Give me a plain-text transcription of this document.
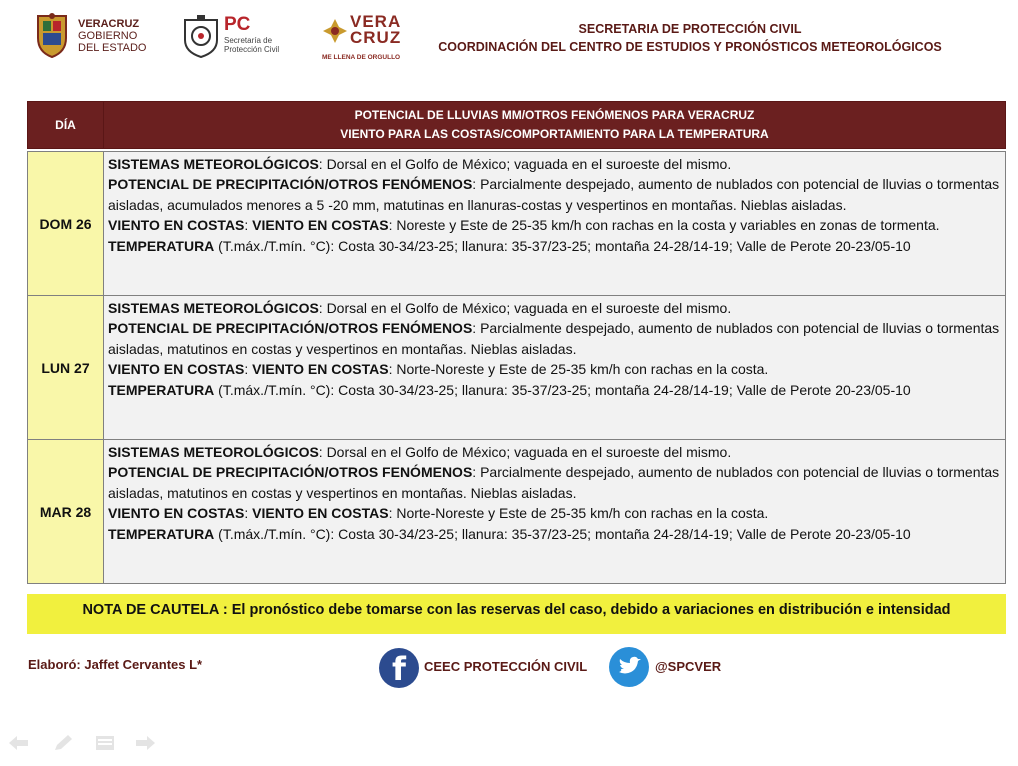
VERACRUZ
GOBIERNO
DEL ESTADO
PC
Secretaría de
Protección Civil
VERA
CRUZ
ME LLENA DE ORGULLO
SECRETARIA DE PROTECCIÓN CIVIL
COORDINACIÓN DEL CENTRO DE ESTUDIOS Y PRONÓSTICOS METEOROLÓGICOS
DÍA	POTENCIAL DE LLUVIAS MM/OTROS FENÓMENOS PARA VERACRUZ
VIENTO PARA LAS COSTAS/COMPORTAMIENTO PARA LA TEMPERATURA

DOM 26	SISTEMAS METEOROLÓGICOS: Dorsal en el Golfo de México; vaguada en el suroeste del mismo.
POTENCIAL DE PRECIPITACIÓN/OTROS FENÓMENOS: Parcialmente despejado, aumento de nublados con potencial de lluvias o tormentas aisladas, acumulados menores a 5 -20 mm, matutinas en llanuras-costas y vespertinos en montañas. Nieblas aisladas.
VIENTO EN COSTAS: VIENTO EN COSTAS: Noreste y Este de 25-35 km/h con rachas en la costa y variables en zonas de tormenta.
TEMPERATURA (T.máx./T.mín. °C): Costa 30-34/23-25; llanura: 35-37/23-25; montaña 24-28/14-19; Valle de Perote 20-23/05-10

LUN 27	SISTEMAS METEOROLÓGICOS: Dorsal en el Golfo de México; vaguada en el suroeste del mismo.
POTENCIAL DE PRECIPITACIÓN/OTROS FENÓMENOS: Parcialmente despejado, aumento de nublados con potencial de lluvias o tormentas aisladas, matutinos en costas y vespertinos en montañas. Nieblas aisladas.
VIENTO EN COSTAS: VIENTO EN COSTAS: Norte-Noreste y Este de 25-35 km/h con rachas en la costa.
TEMPERATURA (T.máx./T.mín. °C): Costa 30-34/23-25; llanura: 35-37/23-25; montaña 24-28/14-19; Valle de Perote 20-23/05-10

MAR 28	SISTEMAS METEOROLÓGICOS: Dorsal en el Golfo de México; vaguada en el suroeste del mismo.
POTENCIAL DE PRECIPITACIÓN/OTROS FENÓMENOS: Parcialmente despejado, aumento de nublados con potencial de lluvias o tormentas aisladas, matutinos en costas y vespertinos en montañas. Nieblas aisladas.
VIENTO EN COSTAS: VIENTO EN COSTAS: Norte-Noreste y Este de 25-35 km/h con rachas en la costa.
TEMPERATURA (T.máx./T.mín. °C): Costa 30-34/23-25; llanura: 35-37/23-25; montaña 24-28/14-19; Valle de Perote 20-23/05-10
NOTA DE CAUTELA : El pronóstico debe tomarse con las reservas del caso, debido a variaciones en distribución e intensidad
Elaboró: Jaffet Cervantes L*	f CEEC PROTECCIÓN CIVIL	@SPCVER
